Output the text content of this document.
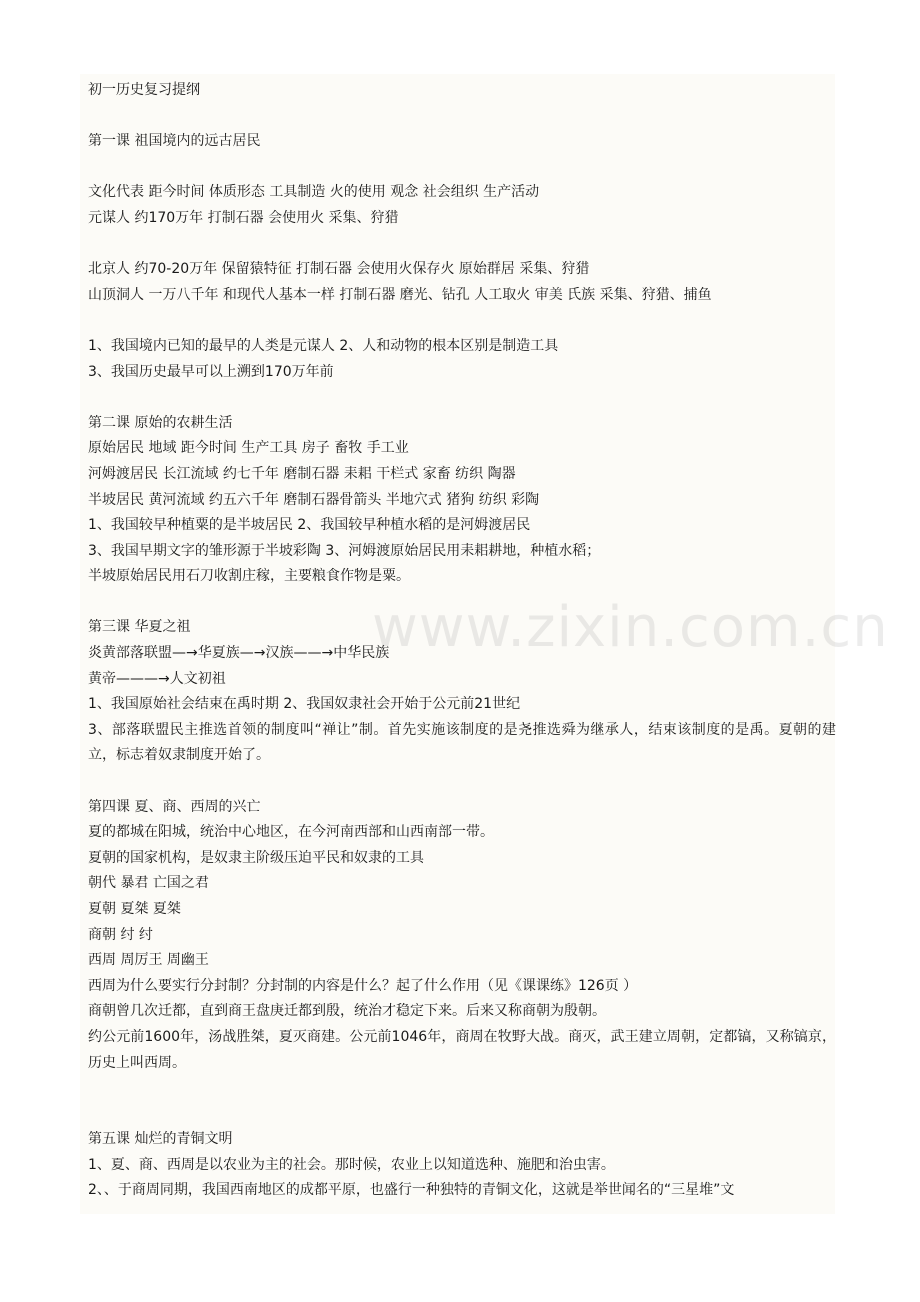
初一历史复习提纲
第一课 祖国境内的远古居民
文化代表 距今时间 体质形态 工具制造 火的使用 观念 社会组织 生产活动
元谋人 约170万年 打制石器 会使用火 采集、狩猎
北京人 约70-20万年 保留猿特征 打制石器 会使用火保存火 原始群居 采集、狩猎
山顶洞人 一万八千年 和现代人基本一样 打制石器 磨光、钻孔 人工取火 审美 氏族 采集、狩猎、捕鱼
1、我国境内已知的最早的人类是元谋人 2、人和动物的根本区别是制造工具
3、我国历史最早可以上溯到170万年前
第二课 原始的农耕生活
原始居民 地域 距今时间 生产工具 房子 畜牧 手工业
河姆渡居民 长江流域 约七千年 磨制石器 耒耜 干栏式 家畜 纺织 陶器
半坡居民 黄河流域 约五六千年 磨制石器骨箭头 半地穴式 猪狗 纺织 彩陶
1、我国较早种植粟的是半坡居民 2、我国较早种植水稻的是河姆渡居民
3、我国早期文字的雏形源于半坡彩陶 3、河姆渡原始居民用耒耜耕地，种植水稻；
半坡原始居民用石刀收割庄稼，主要粮食作物是粟。
第三课 华夏之祖
炎黄部落联盟—→华夏族—→汉族——→中华民族
黄帝———→人文初祖
1、我国原始社会结束在禹时期 2、我国奴隶社会开始于公元前21世纪
3、部落联盟民主推选首领的制度叫“禅让”制。首先实施该制度的是尧推选舜为继承人，结束该制度的是禹。夏朝的建立，标志着奴隶制度开始了。
第四课 夏、商、西周的兴亡
夏的都城在阳城，统治中心地区，在今河南西部和山西南部一带。
夏朝的国家机构，是奴隶主阶级压迫平民和奴隶的工具
朝代 暴君 亡国之君
夏朝 夏桀 夏桀
商朝 纣 纣
西周 周厉王 周幽王
西周为什么要实行分封制？分封制的内容是什么？起了什么作用（见《课课练》126页 ）
商朝曾几次迁都，直到商王盘庚迁都到殷，统治才稳定下来。后来又称商朝为殷朝。
约公元前1600年，汤战胜桀，夏灭商建。公元前1046年，商周在牧野大战。商灭，武王建立周朝，定都镐，又称镐京，历史上叫西周。
第五课 灿烂的青铜文明
1、夏、商、西周是以农业为主的社会。那时候，农业上以知道选种、施肥和治虫害。
2、、于商周同期，我国西南地区的成都平原，也盛行一种独特的青铜文化，这就是举世闻名的“三星堆”文
